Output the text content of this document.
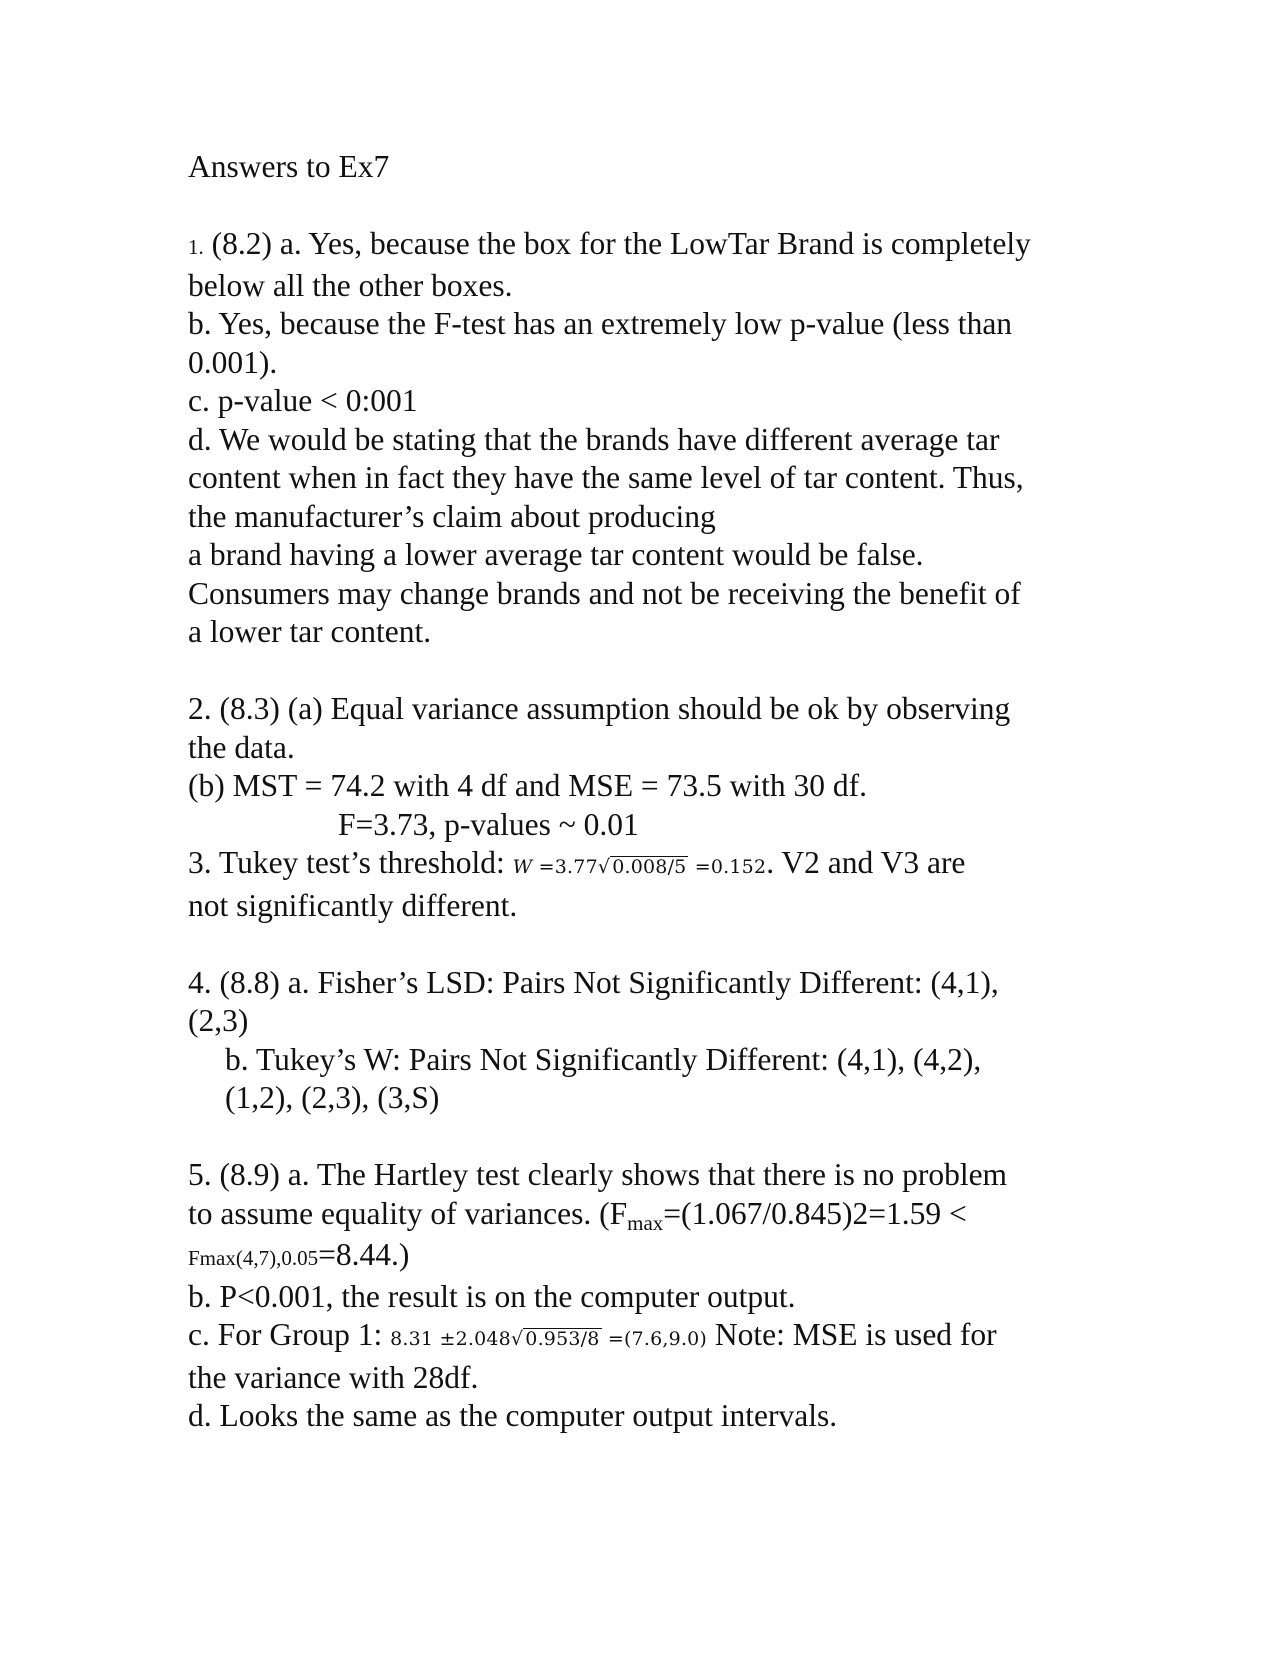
Answers to Ex7
1. (8.2) a. Yes, because the box for the LowTar Brand is completely
below all the other boxes.
b. Yes, because the F-test has an extremely low p-value (less than
0.001).
c. p-value < 0:001
d. We would be stating that the brands have different average tar
content when in fact they have the same level of tar content. Thus,
the manufacturer’s claim about producing
a brand having a lower average tar content would be false.
Consumers may change brands and not be receiving the benefit of
a lower tar content.
2. (8.3) (a) Equal variance assumption should be ok by observing
the data.
(b) MST = 74.2 with 4 df and MSE = 73.5 with 30 df.
F=3.73, p-values ~ 0.01
3. Tukey test’s threshold: W =3.77√ 0.008/5 =0.152. V2 and V3 are
not significantly different.
4. (8.8) a. Fisher’s LSD: Pairs Not Significantly Different: (4,1),
(2,3)
b. Tukey’s W: Pairs Not Significantly Different: (4,1), (4,2),
(1,2), (2,3), (3,S)
5. (8.9) a. The Hartley test clearly shows that there is no problem
to assume equality of variances. (Fmax=(1.067/0.845)2=1.59 <
Fmax(4,7),0.05=8.44.)
b. P<0.001, the result is on the computer output.
c. For Group 1: 8.31 ±2.048√ 0.953/8 =(7.6,9.0) Note: MSE is used for
the variance with 28df.
d. Looks the same as the computer output intervals.
